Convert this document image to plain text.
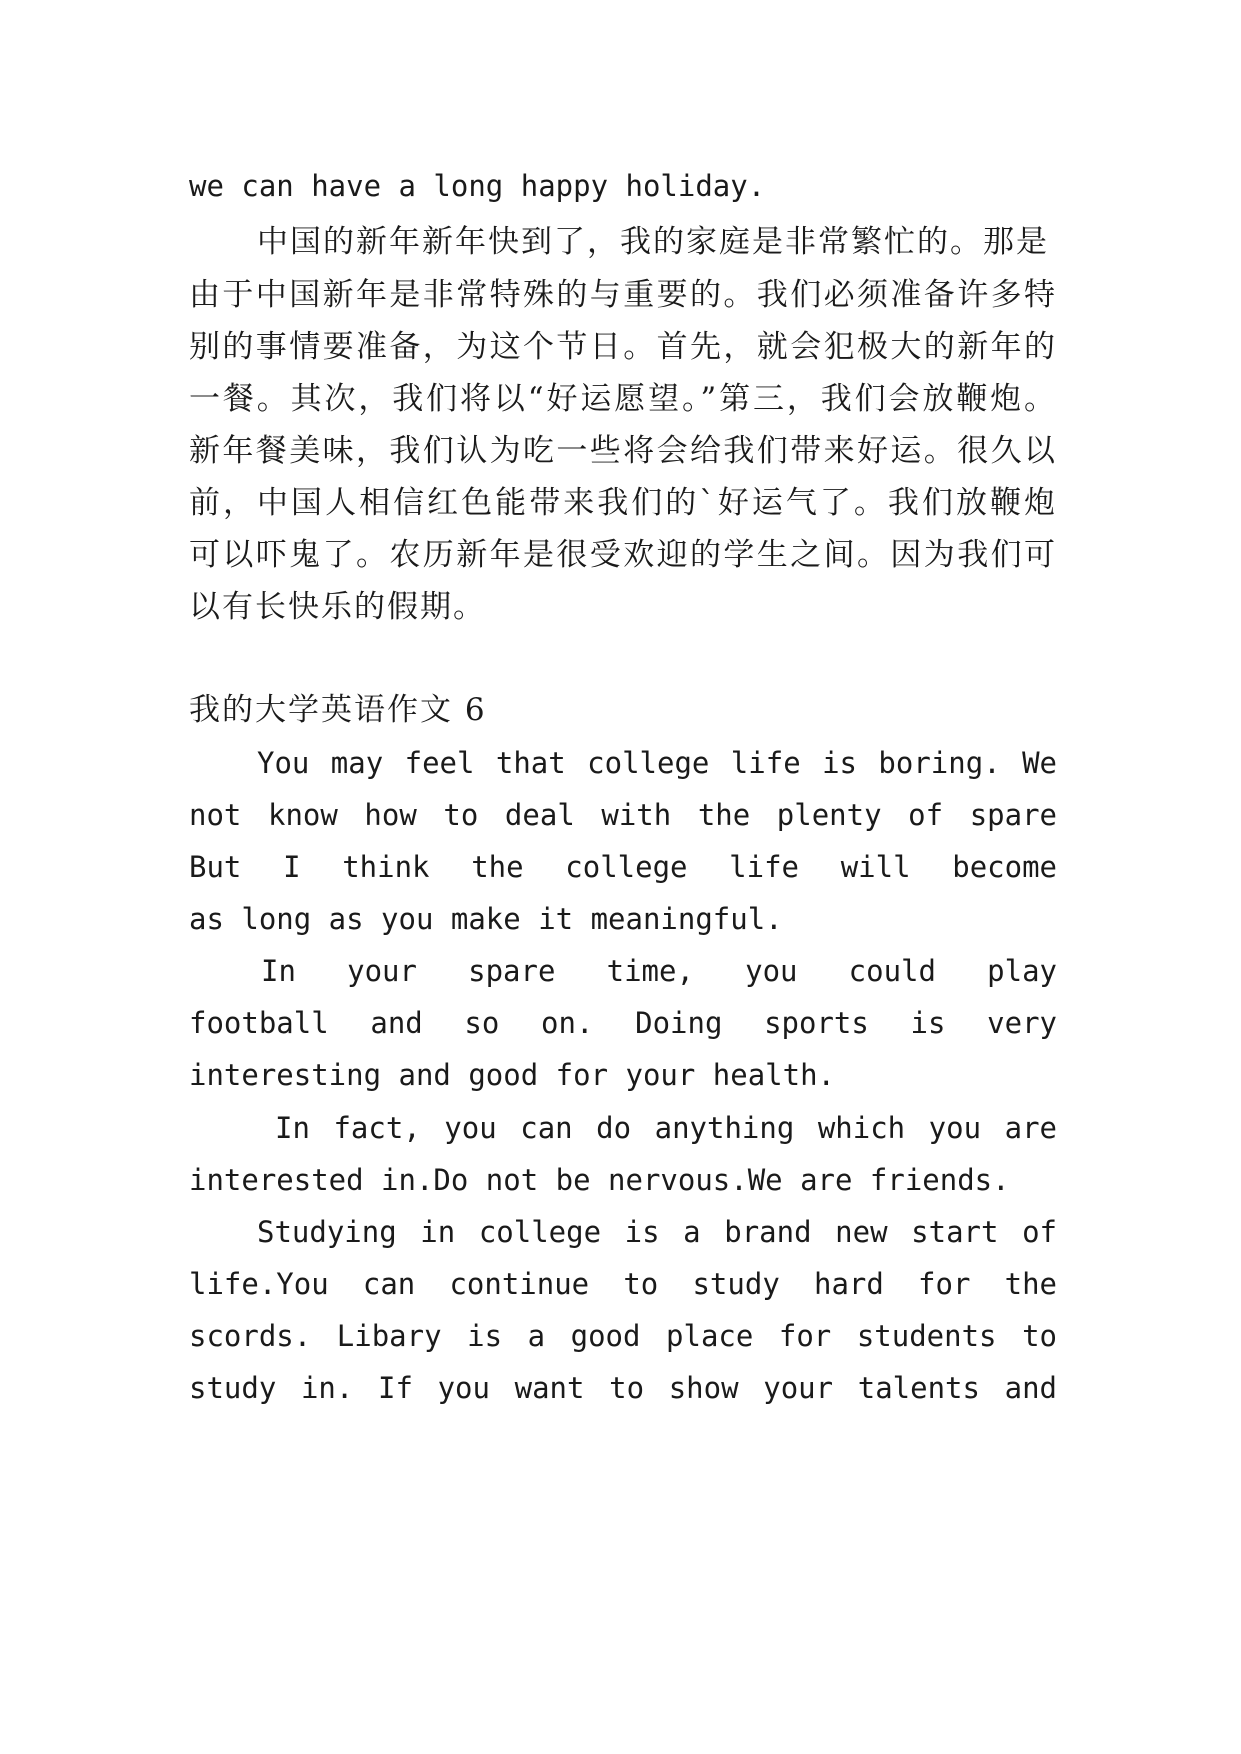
we can have a long happy holiday.
中国的新年新年快到了，我的家庭是非常繁忙的。那是
由于中国新年是非常特殊的与重要的。我们必须准备许多特
别的事情要准备，为这个节日。首先，就会犯极大的新年的
一餐。其次，我们将以“好运愿望。”第三，我们会放鞭炮。
新年餐美味，我们认为吃一些将会给我们带来好运。很久以
前，中国人相信红色能带来我们的`好运气了。我们放鞭炮
可以吓鬼了。农历新年是很受欢迎的学生之间。因为我们可
以有长快乐的假期。
我的大学英语作文 6
You may feel that college life is boring. We
not know how to deal with the plenty of spare
But I think the college life will become
as long as you make it meaningful.
In your spare time, you could play
football and so on. Doing sports is very
interesting and good for your health.
In fact, you can do anything which you are
interested in.Do not be nervous.We are friends.
Studying in college is a brand new start of
life.You can continue to study hard for the
scords. Libary is a good place for students to
study in. If you want to show your talents and
